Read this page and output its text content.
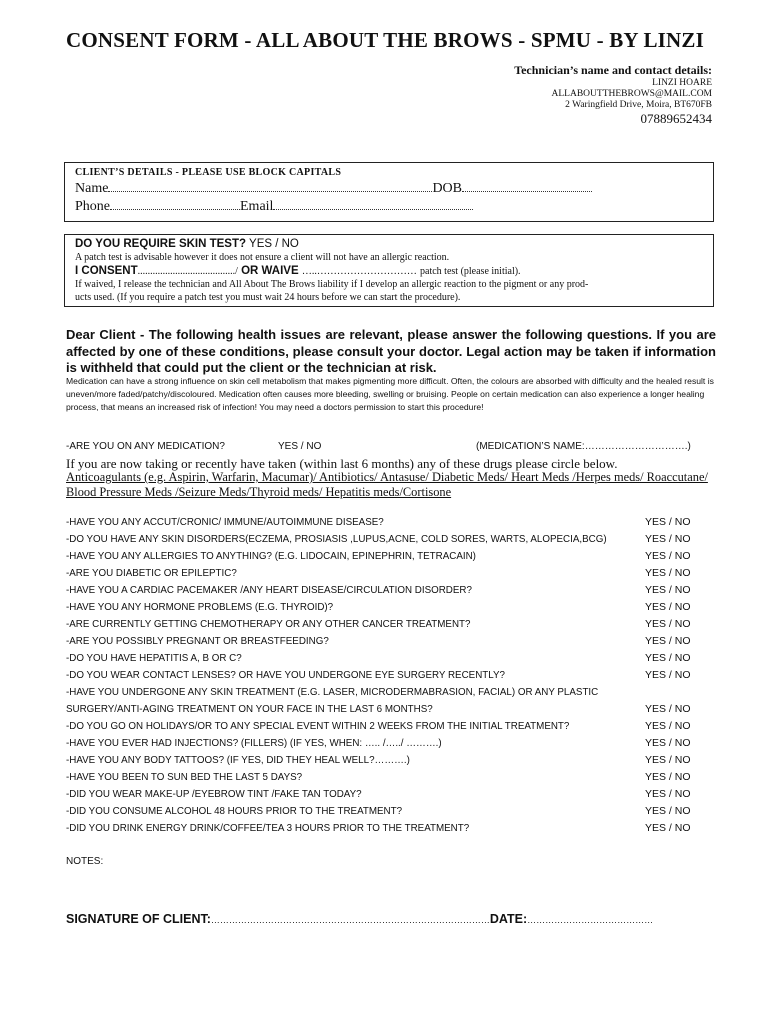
CONSENT FORM - ALL ABOUT THE BROWS - SPMU - BY LINZI
Technician’s name and contact details:
LINZI HOARE
ALLABOUTTHEBROWS@MAIL.COM
2 Waringfield Drive, Moira, BT670FB
07889652434
CLIENT’S DETAILS - PLEASE USE BLOCK CAPITALS
Name	DOB
Phone	Email
DO YOU REQUIRE SKIN TEST? YES / NO
A patch test is advisable however it does not ensure a client will not have an allergic reaction.
I CONSENT......................................./ OR WAIVE …..………………………… patch test (please initial).
If waived, I release the technician and All About The Brows liability if I develop an allergic reaction to the pigment or any prod-
ucts used. (If you require a patch test you must wait 24 hours before we can start the procedure).
Dear Client - The following health issues are relevant, please answer the following questions. If you are affected by one of these conditions, please consult your doctor. Legal action may be taken if information is withheld that could put the client or the technician at risk.
Medication can have a strong influence on skin cell metabolism that makes pigmenting more difficult. Often, the colours are absorbed with difficulty and the healed result is uneven/more faded/patchy/discoloured. Medication often causes more bleeding, swelling or bruising. People on certain medication can also experience a longer healing process, that means an increased risk of infection! You may need a doctors permission to start this procedure!
-ARE YOU ON ANY MEDICATION?	YES / NO	(MEDICATION’S NAME:………………………….)
If you are now taking or recently have taken (within last 6 months) any of these drugs please circle below.
Anticoagulants (e.g. Aspirin, Warfarin, Macumar)/ Antibiotics/ Antasuse/ Diabetic Meds/ Heart Meds /Herpes meds/ Roaccutane/ Blood Pressure Meds /Seizure Meds/Thyroid meds/ Hepatitis meds/Cortisone
-HAVE YOU ANY ACCUT/CRONIC/ IMMUNE/AUTOIMMUNE DISEASE?	YES / NO
-DO YOU HAVE ANY SKIN DISORDERS(ECZEMA, PROSIASIS ,LUPUS,ACNE, COLD SORES, WARTS, ALOPECIA,BCG)	YES / NO
-HAVE YOU ANY ALLERGIES TO ANYTHING? (E.G. LIDOCAIN, EPINEPHRIN, TETRACAIN)	YES / NO
-ARE YOU DIABETIC OR EPILEPTIC?	YES / NO
-HAVE YOU A CARDIAC PACEMAKER /ANY HEART DISEASE/CIRCULATION DISORDER?	YES / NO
-HAVE YOU ANY HORMONE PROBLEMS (E.G. THYROID)?	YES / NO
-ARE CURRENTLY GETTING CHEMOTHERAPY OR ANY OTHER CANCER TREATMENT?	YES / NO
-ARE YOU POSSIBLY PREGNANT OR BREASTFEEDING?	YES / NO
-DO YOU HAVE HEPATITIS A, B OR C?	YES / NO
-DO YOU WEAR CONTACT LENSES? OR HAVE YOU UNDERGONE EYE SURGERY RECENTLY?	YES / NO
-HAVE YOU UNDERGONE ANY SKIN TREATMENT (E.G. LASER, MICRODERMABRASION, FACIAL) OR ANY PLASTIC
SURGERY/ANTI-AGING TREATMENT ON YOUR FACE IN THE LAST 6 MONTHS?	YES / NO
-DO YOU GO ON HOLIDAYS/OR TO ANY SPECIAL EVENT WITHIN 2 WEEKS FROM THE INITIAL TREATMENT?	YES / NO
-HAVE YOU EVER HAD INJECTIONS? (FILLERS) (IF YES, WHEN: ….. /…../ ……….)	YES / NO
-HAVE YOU ANY BODY TATTOOS? (IF YES, DID THEY HEAL WELL?……….)	YES / NO
-HAVE YOU BEEN TO SUN BED THE LAST 5 DAYS?	YES / NO
-DID YOU WEAR MAKE-UP /EYEBROW TINT /FAKE TAN TODAY?	YES / NO
-DID YOU CONSUME ALCOHOL 48 HOURS PRIOR TO THE TREATMENT?	YES / NO
-DID YOU DRINK ENERGY DRINK/COFFEE/TEA 3 HOURS PRIOR TO THE TREATMENT?	YES / NO
NOTES:
SIGNATURE OF CLIENT:…………………………………………………………………………………DATE:……………………………………
